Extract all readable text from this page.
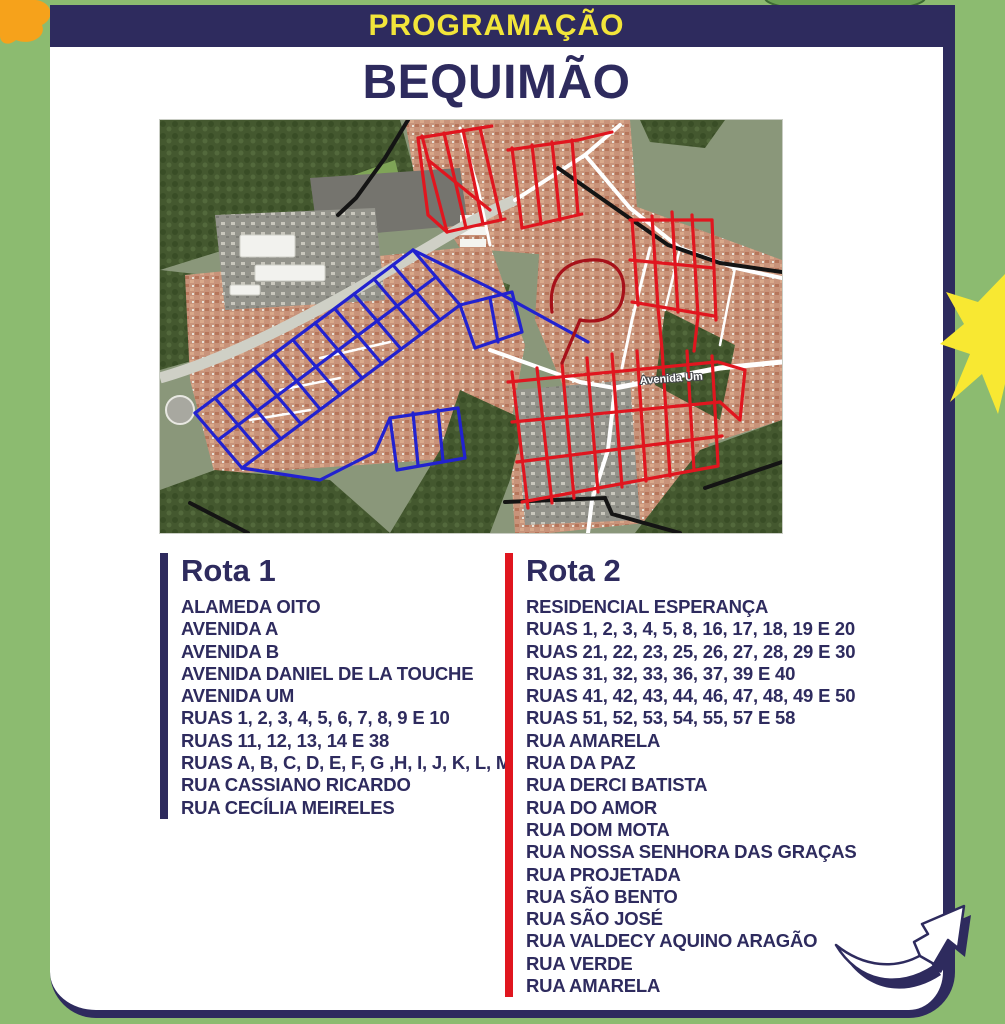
PROGRAMAÇÃO
BEQUIMÃO
Avenida Um
Rota 1
ALAMEDA OITO
AVENIDA A
AVENIDA B
AVENIDA DANIEL DE LA TOUCHE
AVENIDA UM
RUAS 1, 2, 3, 4, 5, 6, 7, 8, 9 E 10
RUAS 11, 12, 13, 14 E 38
RUAS A, B, C, D, E, F, G ,H, I, J, K, L, M
RUA CASSIANO RICARDO
RUA CECÍLIA MEIRELES
Rota 2
RESIDENCIAL ESPERANÇA
RUAS 1, 2, 3, 4, 5, 8, 16, 17, 18, 19 E 20
RUAS 21, 22, 23, 25, 26, 27, 28, 29 E 30
RUAS 31, 32, 33, 36, 37, 39 E 40
RUAS 41, 42, 43, 44, 46, 47, 48, 49 E 50
RUAS 51, 52, 53, 54, 55, 57 E 58
RUA AMARELA
RUA DA PAZ
RUA DERCI BATISTA
RUA DO AMOR
RUA DOM MOTA
RUA NOSSA SENHORA DAS GRAÇAS
RUA PROJETADA
RUA SÃO BENTO
RUA SÃO JOSÉ
RUA VALDECY AQUINO ARAGÃO
RUA VERDE
RUA AMARELA
